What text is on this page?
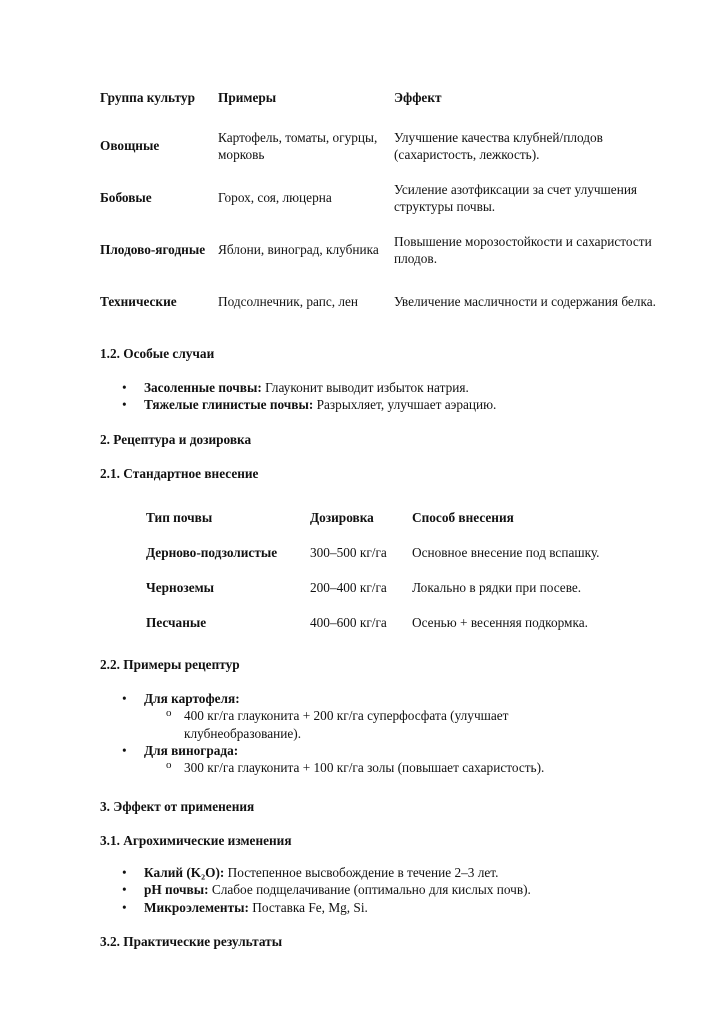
Группа культур	Примеры	Эффект
Овощные	Картофель, томаты, огурцы, морковь	Улучшение качества клубней/плодов (сахаристость, лежкость).
Бобовые	Горох, соя, люцерна	Усиление азотфиксации за счет улучшения структуры почвы.
Плодово-ягодные	Яблони, виноград, клубника	Повышение морозостойкости и сахаристости плодов.
Технические	Подсолнечник, рапс, лен	Увеличение масличности и содержания белка.
1.2. Особые случаи
• Засоленные почвы: Глауконит выводит избыток натрия.
• Тяжелые глинистые почвы: Разрыхляет, улучшает аэрацию.
2. Рецептура и дозировка
2.1. Стандартное внесение
Тип почвы	Дозировка	Способ внесения
Дерново-подзолистые	300–500 кг/га	Основное внесение под вспашку.
Черноземы	200–400 кг/га	Локально в рядки при посеве.
Песчаные	400–600 кг/га	Осенью + весенняя подкормка.
2.2. Примеры рецептур
• Для картофеля:
o 400 кг/га глауконита + 200 кг/га суперфосфата (улучшает клубнеобразование).
• Для винограда:
o 300 кг/га глауконита + 100 кг/га золы (повышает сахаристость).
3. Эффект от применения
3.1. Агрохимические изменения
• Калий (K₂O): Постепенное высвобождение в течение 2–3 лет.
• pH почвы: Слабое подщелачивание (оптимально для кислых почв).
• Микроэлементы: Поставка Fe, Mg, Si.
3.2. Практические результаты
